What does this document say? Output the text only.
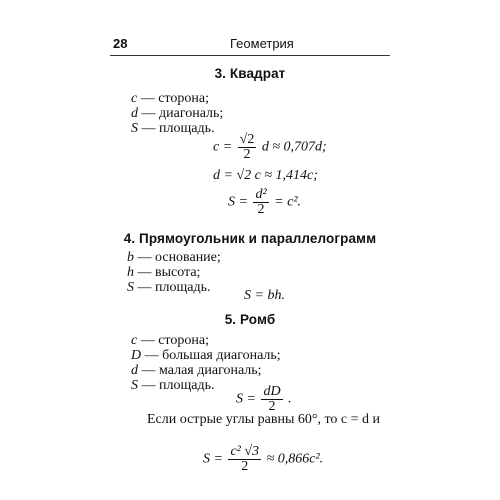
28	Геометрия
3. Квадрат
c — сторона;
d — диагональ;
S — площадь.
$c = \frac{√2}{2}$ d ≈ 0,707d;
d = √2 c ≈ 1,414c;
$S = \frac{\text{d²}}{2} = c^2$.
4. Прямоугольник и параллелограмм
b — основание;
h — высота;
S — площадь.
S = bh.
5. Ромб
c — сторона;
D — большая диагональ;
d — малая диагональ;
S — площадь.
$S = \frac{dD}{2}$ .
Если острые углы равны 60°, то c = d и
$S = \frac{\text{c² √3}}{2} \approx 0,866c^2$.
